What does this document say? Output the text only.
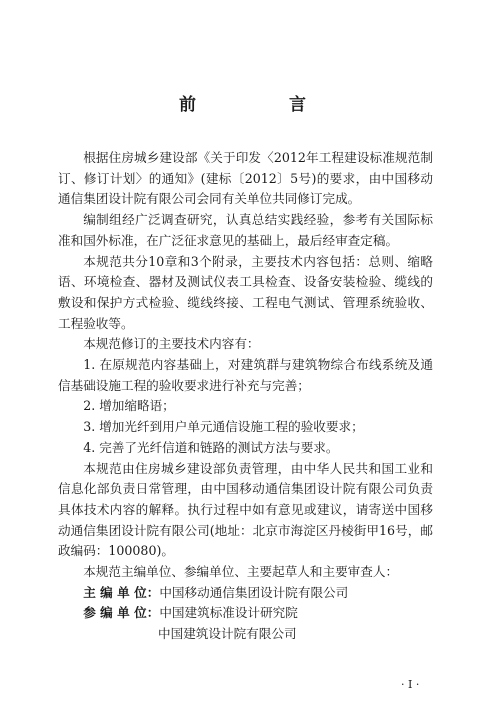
前　言

根据住房城乡建设部《关于印发〈2012年工程建设标准规范制订、修订计划〉的通知》(建标〔2012〕5号)的要求，由中国移动通信集团设计院有限公司会同有关单位共同修订完成。

编制组经广泛调查研究，认真总结实践经验，参考有关国际标准和国外标准，在广泛征求意见的基础上，最后经审查定稿。

本规范共分10章和3个附录，主要技术内容包括：总则、缩略语、环境检查、器材及测试仪表工具检查、设备安装检验、缆线的敷设和保护方式检验、缆线终接、工程电气测试、管理系统验收、工程验收等。

本规范修订的主要技术内容有：

1. 在原规范内容基础上，对建筑群与建筑物综合布线系统及通信基础设施工程的验收要求进行补充与完善；

2. 增加缩略语；

3. 增加光纤到用户单元通信设施工程的验收要求；

4. 完善了光纤信道和链路的测试方法与要求。

本规范由住房城乡建设部负责管理，由中华人民共和国工业和信息化部负责日常管理，由中国移动通信集团设计院有限公司负责具体技术内容的解释。执行过程中如有意见或建议，请寄送中国移动通信集团设计院有限公司(地址：北京市海淀区丹棱街甲16号，邮政编码：100080)。

本规范主编单位、参编单位、主要起草人和主要审查人：

主 编 单 位：中国移动通信集团设计院有限公司

参 编 单 位：中国建筑标准设计研究院

中国建筑设计院有限公司

· I ·
